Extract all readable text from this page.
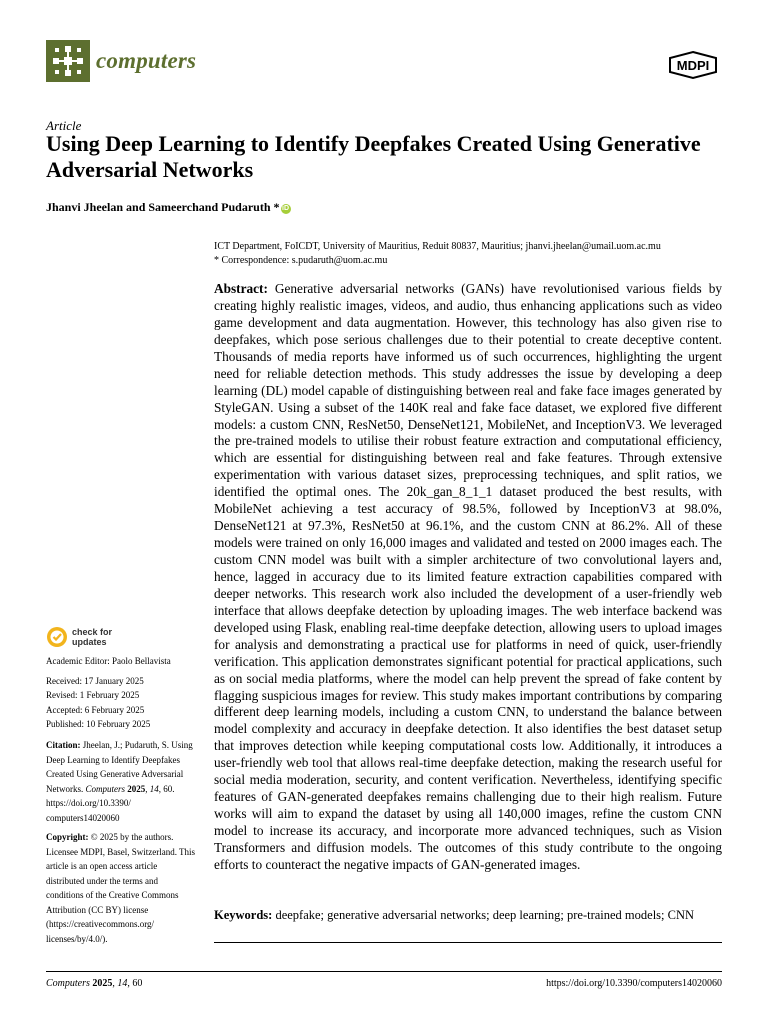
computers	MDPI
Article
Using Deep Learning to Identify Deepfakes Created Using Generative Adversarial Networks
Jhanvi Jheelan and Sameerchand Pudaruth * iD
ICT Department, FoICDT, University of Mauritius, Reduit 80837, Mauritius; jhanvi.jheelan@umail.uom.ac.mu
* Correspondence: s.pudaruth@uom.ac.mu

Abstract: Generative adversarial networks (GANs) have revolutionised various fields by creating highly realistic images, videos, and audio, thus enhancing applications such as video game development and data augmentation. However, this technology has also given rise to deepfakes, which pose serious challenges due to their potential to create deceptive content. Thousands of media reports have informed us of such occurrences, highlighting the urgent need for reliable detection methods. This study addresses the issue by developing a deep learning (DL) model capable of distinguishing between real and fake face images generated by StyleGAN. Using a subset of the 140K real and fake face dataset, we explored five different models: a custom CNN, ResNet50, DenseNet121, MobileNet, and InceptionV3. We leveraged the pre-trained models to utilise their robust feature extraction and computational efficiency, which are essential for distinguishing between real and fake features. Through extensive experimentation with various dataset sizes, preprocessing techniques, and split ratios, we identified the optimal ones. The 20k_gan_8_1_1 dataset produced the best results, with MobileNet achieving a test accuracy of 98.5%, followed by InceptionV3 at 98.0%, DenseNet121 at 97.3%, ResNet50 at 96.1%, and the custom CNN at 86.2%. All of these models were trained on only 16,000 images and validated and tested on 2000 images each. The custom CNN model was built with a simpler architecture of two convolutional layers and, hence, lagged in accuracy due to its limited feature extraction capabilities compared with deeper networks. This research work also included the development of a user-friendly web interface that allows deepfake detection by uploading images. The web interface backend was developed using Flask, enabling real-time deepfake detection, allowing users to upload images for analysis and demonstrating a practical use for platforms in need of quick, user-friendly verification. This application demonstrates significant potential for practical applications, such as on social media platforms, where the model can help prevent the spread of fake content by flagging suspicious images for review. This study makes important contributions by comparing different deep learning models, including a custom CNN, to understand the balance between model complexity and accuracy in deepfake detection. It also identifies the best dataset setup that improves detection while keeping computational costs low. Additionally, it introduces a user-friendly web tool that allows real-time deepfake detection, making the research useful for social media moderation, security, and content verification. Nevertheless, identifying specific features of GAN-generated deepfakes remains challenging due to their high realism. Future works will aim to expand the dataset by using all 140,000 images, refine the custom CNN model to increase its accuracy, and incorporate more advanced techniques, such as Vision Transformers and diffusion models. The outcomes of this study contribute to the ongoing efforts to counteract the negative impacts of GAN-generated images.

Keywords: deepfake; generative adversarial networks; deep learning; pre-trained models; CNN
check for
updates
Academic Editor: Paolo Bellavista
Received: 17 January 2025
Revised: 1 February 2025
Accepted: 6 February 2025
Published: 10 February 2025
Citation: Jheelan, J.; Pudaruth, S. Using Deep Learning to Identify Deepfakes Created Using Generative Adversarial Networks. Computers 2025, 14, 60. https://doi.org/10.3390/ computers14020060
Copyright: © 2025 by the authors. Licensee MDPI, Basel, Switzerland. This article is an open access article distributed under the terms and conditions of the Creative Commons Attribution (CC BY) license (https://creativecommons.org/ licenses/by/4.0/).
Computers 2025, 14, 60	https://doi.org/10.3390/computers14020060
